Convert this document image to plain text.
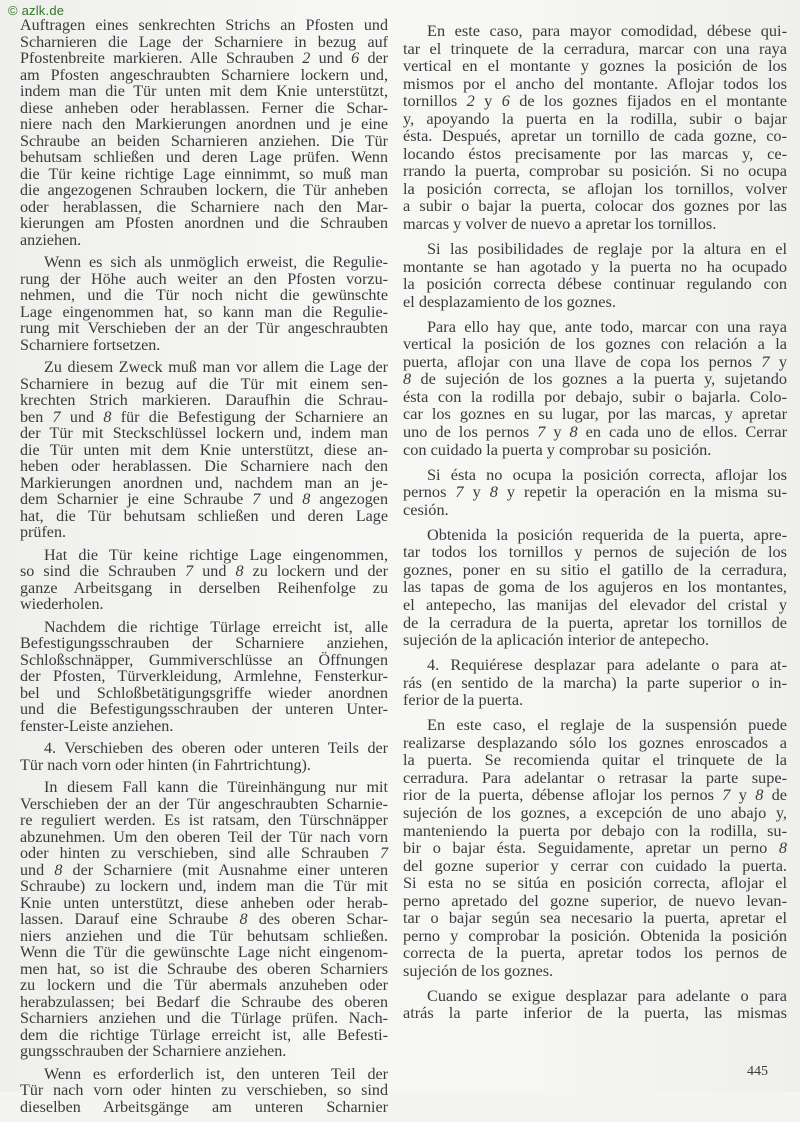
© azlk.de
Auftragen eines senkrechten Strichs an Pfosten und
Scharnieren die Lage der Scharniere in bezug auf
Pfostenbreite markieren. Alle Schrauben 2 und 6 der
am Pfosten angeschraubten Scharniere lockern und,
indem man die Tür unten mit dem Knie unterstützt,
diese anheben oder herablassen. Ferner die Schar-
niere nach den Markierungen anordnen und je eine
Schraube an beiden Scharnieren anziehen. Die Tür
behutsam schließen und deren Lage prüfen. Wenn
die Tür keine richtige Lage einnimmt, so muß man
die angezogenen Schrauben lockern, die Tür anheben
oder herablassen, die Scharniere nach den Mar-
kierungen am Pfosten anordnen und die Schrauben
anziehen.
Wenn es sich als unmöglich erweist, die Regulie-
rung der Höhe auch weiter an den Pfosten vorzu-
nehmen, und die Tür noch nicht die gewünschte
Lage eingenommen hat, so kann man die Regulie-
rung mit Verschieben der an der Tür angeschraubten
Scharniere fortsetzen.
Zu diesem Zweck muß man vor allem die Lage der
Scharniere in bezug auf die Tür mit einem sen-
krechten Strich markieren. Daraufhin die Schrau-
ben 7 und 8 für die Befestigung der Scharniere an
der Tür mit Steckschlüssel lockern und, indem man
die Tür unten mit dem Knie unterstützt, diese an-
heben oder herablassen. Die Scharniere nach den
Markierungen anordnen und, nachdem man an je-
dem Scharnier je eine Schraube 7 und 8 angezogen
hat, die Tür behutsam schließen und deren Lage
prüfen.
Hat die Tür keine richtige Lage eingenommen,
so sind die Schrauben 7 und 8 zu lockern und der
ganze Arbeitsgang in derselben Reihenfolge zu
wiederholen.
Nachdem die richtige Türlage erreicht ist, alle
Befestigungsschrauben der Scharniere anziehen,
Schloßschnäpper, Gummiverschlüsse an Öffnungen
der Pfosten, Türverkleidung, Armlehne, Fensterkur-
bel und Schloßbetätigungsgriffe wieder anordnen
und die Befestigungsschrauben der unteren Unter-
fenster-Leiste anziehen.
4. Verschieben des oberen oder unteren Teils der
Tür nach vorn oder hinten (in Fahrtrichtung).
In diesem Fall kann die Türeinhängung nur mit
Verschieben der an der Tür angeschraubten Scharnie-
re reguliert werden. Es ist ratsam, den Türschnäpper
abzunehmen. Um den oberen Teil der Tür nach vorn
oder hinten zu verschieben, sind alle Schrauben 7
und 8 der Scharniere (mit Ausnahme einer unteren
Schraube) zu lockern und, indem man die Tür mit
Knie unten unterstützt, diese anheben oder herab-
lassen. Darauf eine Schraube 8 des oberen Schar-
niers anziehen und die Tür behutsam schließen.
Wenn die Tür die gewünschte Lage nicht eingenom-
men hat, so ist die Schraube des oberen Scharniers
zu lockern und die Tür abermals anzuheben oder
herabzulassen; bei Bedarf die Schraube des oberen
Scharniers anziehen und die Türlage prüfen. Nach-
dem die richtige Türlage erreicht ist, alle Befesti-
gungsschrauben der Scharniere anziehen.
Wenn es erforderlich ist, den unteren Teil der
Tür nach vorn oder hinten zu verschieben, so sind
dieselben Arbeitsgänge am unteren Scharnier
En este caso, para mayor comodidad, débese qui-
tar el trinquete de la cerradura, marcar con una raya
vertical en el montante y goznes la posición de los
mismos por el ancho del montante. Aflojar todos los
tornillos 2 y 6 de los goznes fijados en el montante
y, apoyando la puerta en la rodilla, subir o bajar
ésta. Después, apretar un tornillo de cada gozne, co-
locando éstos precisamente por las marcas y, ce-
rrando la puerta, comprobar su posición. Si no ocupa
la posición correcta, se aflojan los tornillos, volver
a subir o bajar la puerta, colocar dos goznes por las
marcas y volver de nuevo a apretar los tornillos.
Si las posibilidades de reglaje por la altura en el
montante se han agotado y la puerta no ha ocupado
la posición correcta débese continuar regulando con
el desplazamiento de los goznes.
Para ello hay que, ante todo, marcar con una raya
vertical la posición de los goznes con relación a la
puerta, aflojar con una llave de copa los pernos 7 y
8 de sujeción de los goznes a la puerta y, sujetando
ésta con la rodilla por debajo, subir o bajarla. Colo-
car los goznes en su lugar, por las marcas, y apretar
uno de los pernos 7 y 8 en cada uno de ellos. Cerrar
con cuidado la puerta y comprobar su posición.
Si ésta no ocupa la posición correcta, aflojar los
pernos 7 y 8 y repetir la operación en la misma su-
cesión.
Obtenida la posición requerida de la puerta, apre-
tar todos los tornillos y pernos de sujeción de los
goznes, poner en su sitio el gatillo de la cerradura,
las tapas de goma de los agujeros en los montantes,
el antepecho, las manijas del elevador del cristal y
de la cerradura de la puerta, apretar los tornillos de
sujeción de la aplicación interior de antepecho.
4. Requiérese desplazar para adelante o para at-
rás (en sentido de la marcha) la parte superior o in-
ferior de la puerta.
En este caso, el reglaje de la suspensión puede
realizarse desplazando sólo los goznes enroscados a
la puerta. Se recomienda quitar el trinquete de la
cerradura. Para adelantar o retrasar la parte supe-
rior de la puerta, débense aflojar los pernos 7 y 8 de
sujeción de los goznes, a excepción de uno abajo y,
manteniendo la puerta por debajo con la rodilla, su-
bir o bajar ésta. Seguidamente, apretar un perno 8
del gozne superior y cerrar con cuidado la puerta.
Si esta no se sitúa en posición correcta, aflojar el
perno apretado del gozne superior, de nuevo levan-
tar o bajar según sea necesario la puerta, apretar el
perno y comprobar la posición. Obtenida la posición
correcta de la puerta, apretar todos los pernos de
sujeción de los goznes.
Cuando se exigue desplazar para adelante o para
atrás la parte inferior de la puerta, las mismas
445
